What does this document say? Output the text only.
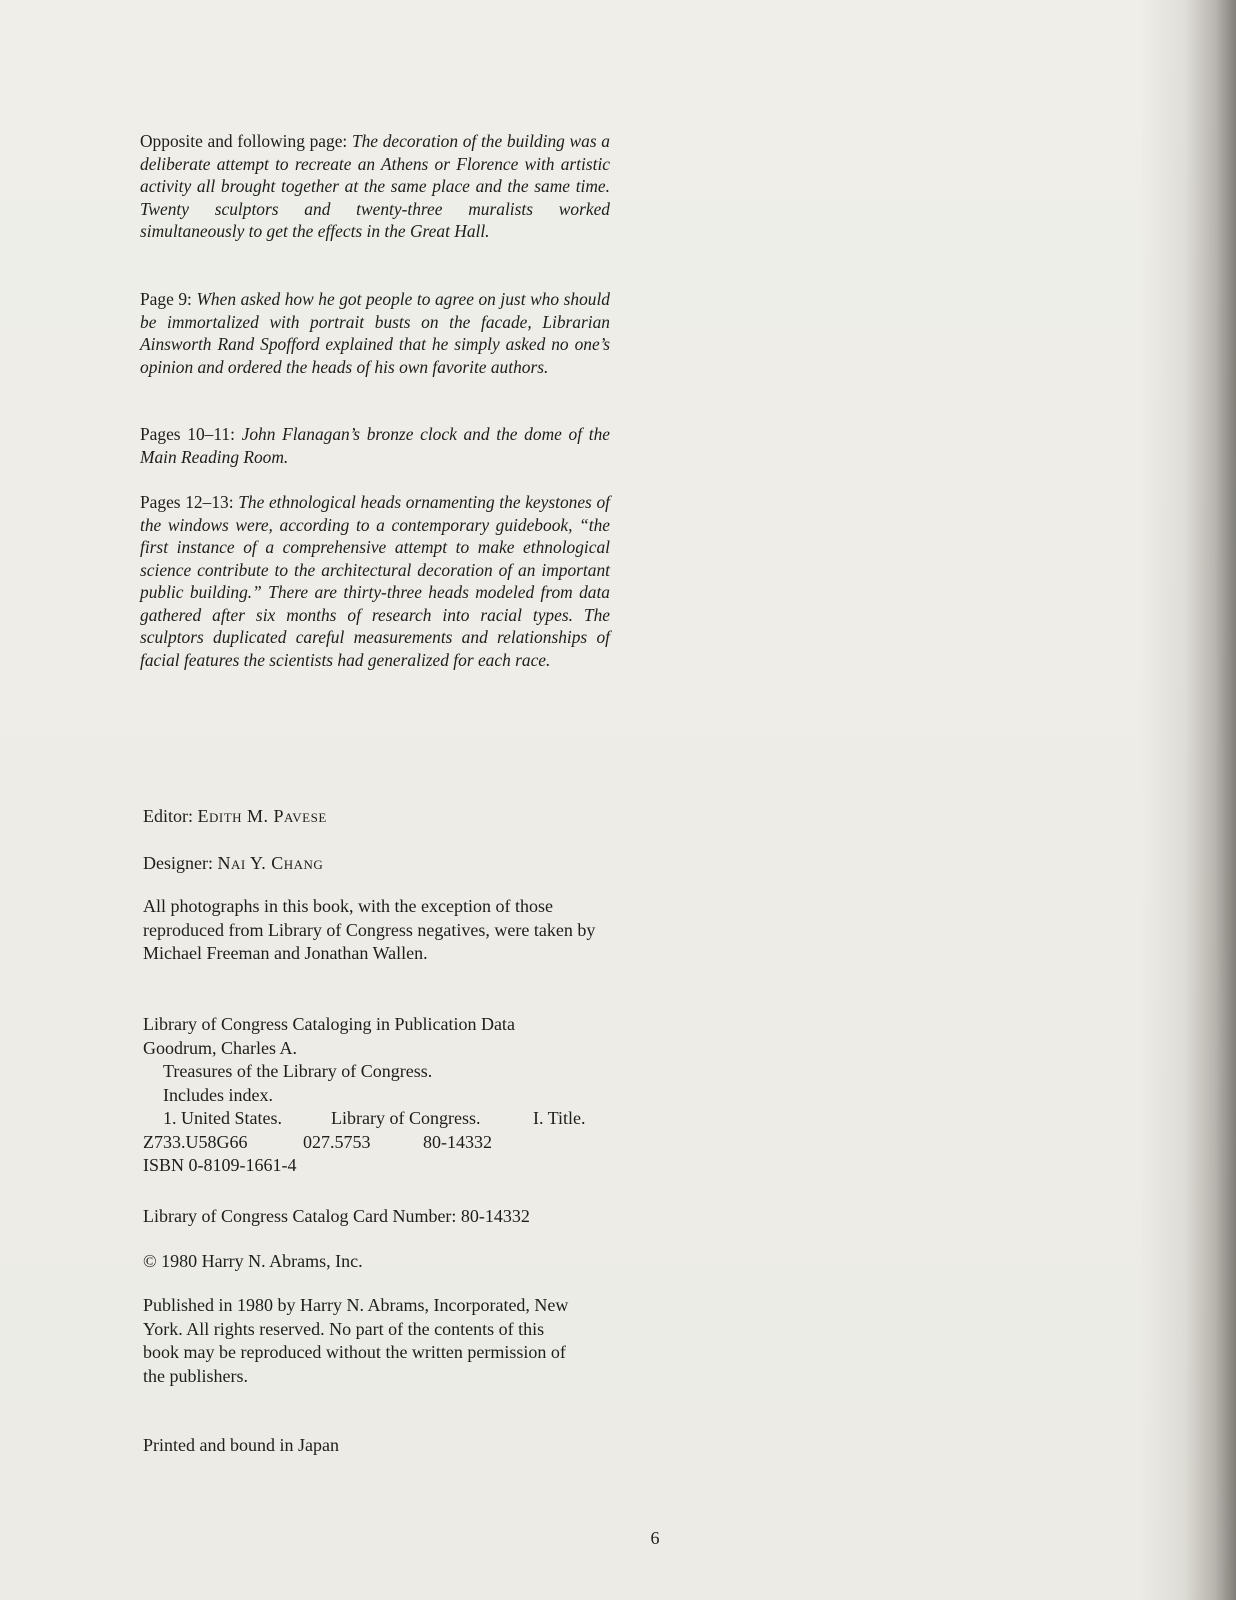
Opposite and following page: The decoration of the building was a deliberate attempt to recreate an Athens or Florence with artistic activity all brought together at the same place and the same time. Twenty sculptors and twenty-three muralists worked simultaneously to get the effects in the Great Hall.
Page 9: When asked how he got people to agree on just who should be immortalized with portrait busts on the facade, Librarian Ainsworth Rand Spofford explained that he simply asked no one’s opinion and ordered the heads of his own favorite authors.
Pages 10–11: John Flanagan’s bronze clock and the dome of the Main Reading Room.
Pages 12–13: The ethnological heads ornamenting the keystones of the windows were, according to a contemporary guidebook, “the first instance of a comprehensive attempt to make ethnological science contribute to the architectural decoration of an important public building.” There are thirty-three heads modeled from data gathered after six months of research into racial types. The sculptors duplicated careful measurements and relationships of facial features the scientists had generalized for each race.
Editor: Edith M. Pavese
Designer: Nai Y. Chang
All photographs in this book, with the exception of those reproduced from Library of Congress negatives, were taken by Michael Freeman and Jonathan Wallen.
Library of Congress Cataloging in Publication Data
Goodrum, Charles A.
Treasures of the Library of Congress.
Includes index.
1. United States.	Library of Congress.	I. Title.
Z733.U58G66	027.5753	80-14332
ISBN 0-8109-1661-4
Library of Congress Catalog Card Number: 80-14332
© 1980 Harry N. Abrams, Inc.
Published in 1980 by Harry N. Abrams, Incorporated, New York. All rights reserved. No part of the contents of this book may be reproduced without the written permission of the publishers.
Printed and bound in Japan
6
